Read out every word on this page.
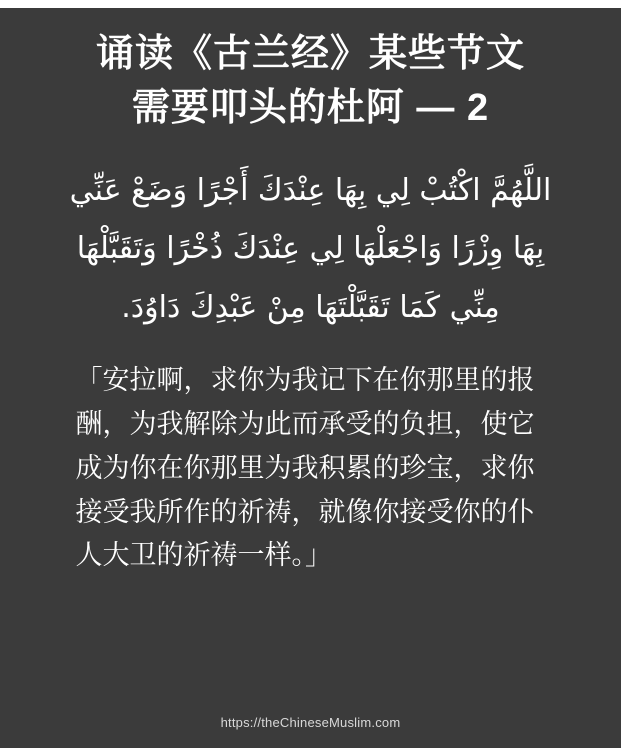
诵读《古兰经》某些节文
需要叩头的杜阿 — 2
اللَّهُمَّ اكْتُبْ لِي بِهَا عِنْدَكَ أَجْرًا وَضَعْ عَنِّي بِهَا وِزْرًا وَاجْعَلْهَا لِي عِنْدَكَ ذُخْرًا وَتَقَبَّلْهَا مِنِّي كَمَا تَقَبَّلْتَهَا مِنْ عَبْدِكَ دَاوُدَ.
「安拉啊，求你为我记下在你那里的报酬，为我解除为此而承受的负担，使它成为你在你那里为我积累的珍宝，求你接受我所作的祈祷，就像你接受你的仆人大卫的祈祷一样。」
https://theChineseMuslim.com
